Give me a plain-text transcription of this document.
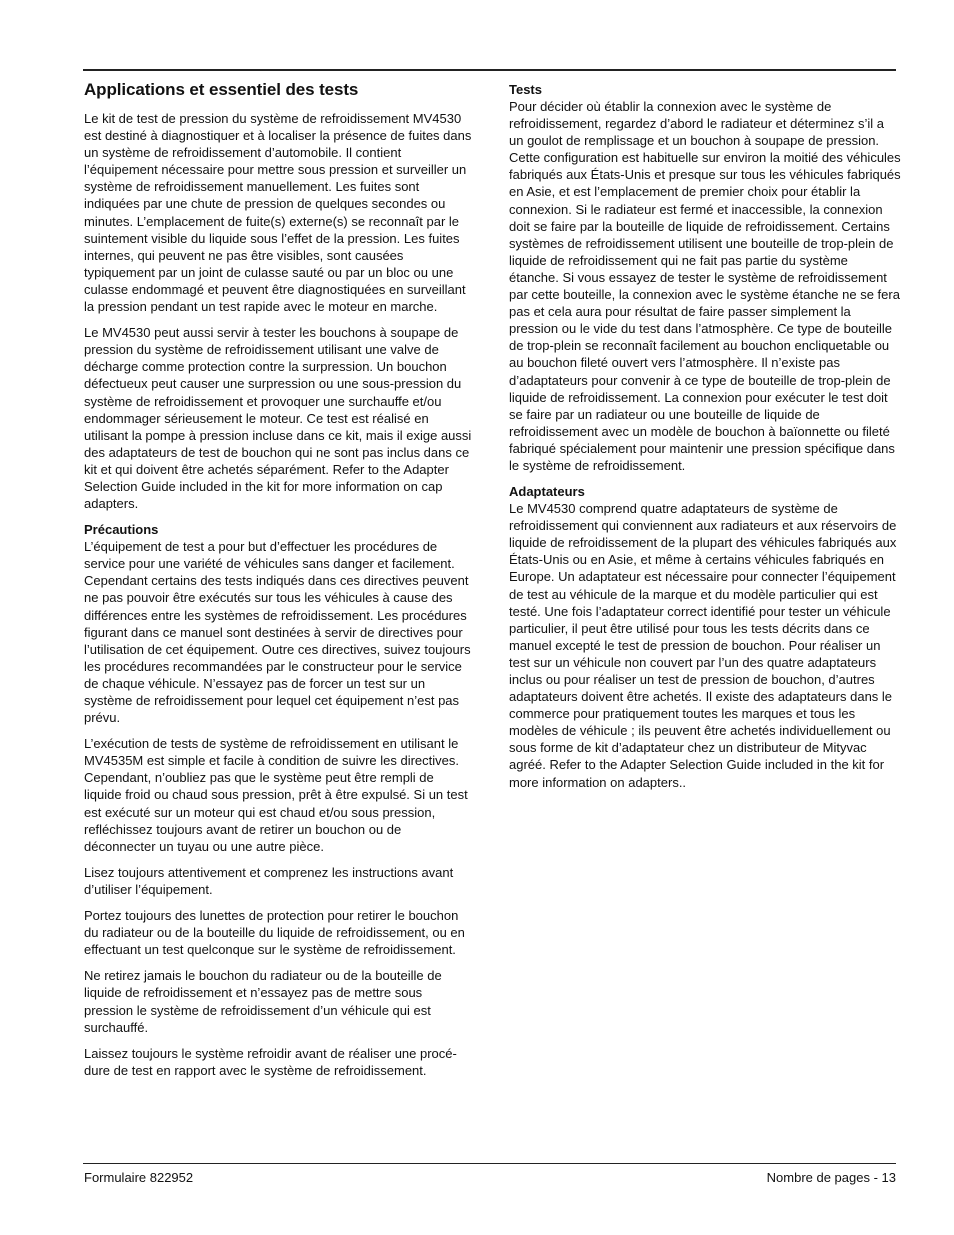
Applications et essentiel des tests

Le kit de test de pression du système de refroidissement MV4530 est destiné à diagnostiquer et à localiser la présence de fuites dans un système de refroidissement d’automobile. Il contient l’équipement nécessaire pour mettre sous pression et surveiller un système de refroidissement manuellement. Les fuites sont indiquées par une chute de pression de quelques secondes ou minutes. L’emplacement de fuite(s) externe(s) se reconnaît par le suintement visible du liquide sous l’effet de la pression. Les fuites internes, qui peuvent ne pas être visibles, sont causées typiquement par un joint de culasse sauté ou par un bloc ou une culasse endommagé et peuvent être diagnostiquées en surveillant la pression pendant un test rapide avec le moteur en marche.

Le MV4530 peut aussi servir à tester les bouchons à soupape de pression du système de refroidissement utilisant une valve de décharge comme protection contre la surpression. Un bouchon défectueux peut causer une surpression ou une sous-pression du système de refroidissement et provoquer une surchauffe et/ou endommager sérieusement le moteur. Ce test est réalisé en utilisant la pompe à pression incluse dans ce kit, mais il exige aussi des adaptateurs de test de bouchon qui ne sont pas inclus dans ce kit et qui doivent être achetés séparément. Refer to the Adapter Selection Guide included in the kit for more information on cap adapters.

Précautions

L’équipement de test a pour but d’effectuer les procédures de service pour une variété de véhicules sans danger et facilement. Cependant certains des tests indiqués dans ces directives peuvent ne pas pouvoir être exécutés sur tous les véhicules à cause des différences entre les systèmes de refroidissement. Les procédures figurant dans ce manuel sont destinées à servir de directives pour l’utilisation de cet équipement. Outre ces directives, suivez toujours les procédures recommandées par le constructeur pour le service de chaque véhicule. N’essayez pas de forcer un test sur un système de refroidissement pour lequel cet équipement n’est pas prévu.

L’exécution de tests de système de refroidissement en utilisant le MV4535M est simple et facile à condition de suivre les directives. Cependant, n’oubliez pas que le système peut être rempli de liquide froid ou chaud sous pression, prêt à être expulsé. Si un test est exécuté sur un moteur qui est chaud et/ou sous pression, refléchissez toujours avant de retirer un bouchon ou de déconnecter un tuyau ou une autre pièce.

Lisez toujours attentivement et comprenez les instructions avant d’utiliser l’équipement.

Portez toujours des lunettes de protection pour retirer le bouchon du radiateur ou de la bouteille du liquide de refroidissement, ou en effectuant un test quelconque sur le système de refroidissement.

Ne retirez jamais le bouchon du radiateur ou de la bouteille de liquide de refroidissement et n’essayez pas de mettre sous pression le système de refroidissement d’un véhicule qui est surchauffé.

Laissez toujours le système refroidir avant de réaliser une procé-dure de test en rapport avec le système de refroidissement.

Tests

Pour décider où établir la connexion avec le système de refroidissement, regardez d’abord le radiateur et déterminez s’il a un goulot de remplissage et un bouchon à soupape de pression. Cette configuration est habituelle sur environ la moitié des véhicules fabriqués aux États-Unis et presque sur tous les véhicules fabriqués en Asie, et est l’emplacement de premier choix pour établir la connexion. Si le radiateur est fermé et inaccessible, la connexion doit se faire par la bouteille de liquide de refroidissement. Certains systèmes de refroidissement utilisent une bouteille de trop-plein de liquide de refroidissement qui ne fait pas partie du système étanche. Si vous essayez de tester le système de refroidissement par cette bouteille, la connexion avec le système étanche ne se fera pas et cela aura pour résultat de faire passer simplement la pression ou le vide du test dans l’atmosphère. Ce type de bouteille de trop-plein se reconnaît facilement au bouchon encliquetable ou au bouchon fileté ouvert vers l’atmosphère. Il n’existe pas d’adaptateurs pour convenir à ce type de bouteille de trop-plein de liquide de refroidissement. La connexion pour exécuter le test doit se faire par un radiateur ou une bouteille de liquide de refroidissement avec un modèle de bouchon à baïonnette ou fileté fabriqué spécialement pour maintenir une pression spécifique dans le système de refroidissement.

Adaptateurs

Le MV4530 comprend quatre adaptateurs de système de refroidissement qui conviennent aux radiateurs et aux réservoirs de liquide de refroidissement de la plupart des véhicules fabriqués aux États-Unis ou en Asie, et même à certains véhicules fabriqués en Europe. Un adaptateur est nécessaire pour connecter l’équipement de test au véhicule de la marque et du modèle particulier qui est testé. Une fois l’adaptateur correct identifié pour tester un véhicule particulier, il peut être utilisé pour tous les tests décrits dans ce manuel excepté le test de pression de bouchon. Pour réaliser un test sur un véhicule non couvert par l’un des quatre adaptateurs inclus ou pour réaliser un test de pression de bouchon, d’autres adaptateurs doivent être achetés. Il existe des adaptateurs dans le commerce pour pratiquement toutes les marques et tous les modèles de véhicule ; ils peuvent être achetés individuellement ou sous forme de kit d’adaptateur chez un distributeur de Mityvac agréé. Refer to the Adapter Selection Guide included in the kit for more information on adapters..

Formulaire 822952	Nombre de pages - 13
